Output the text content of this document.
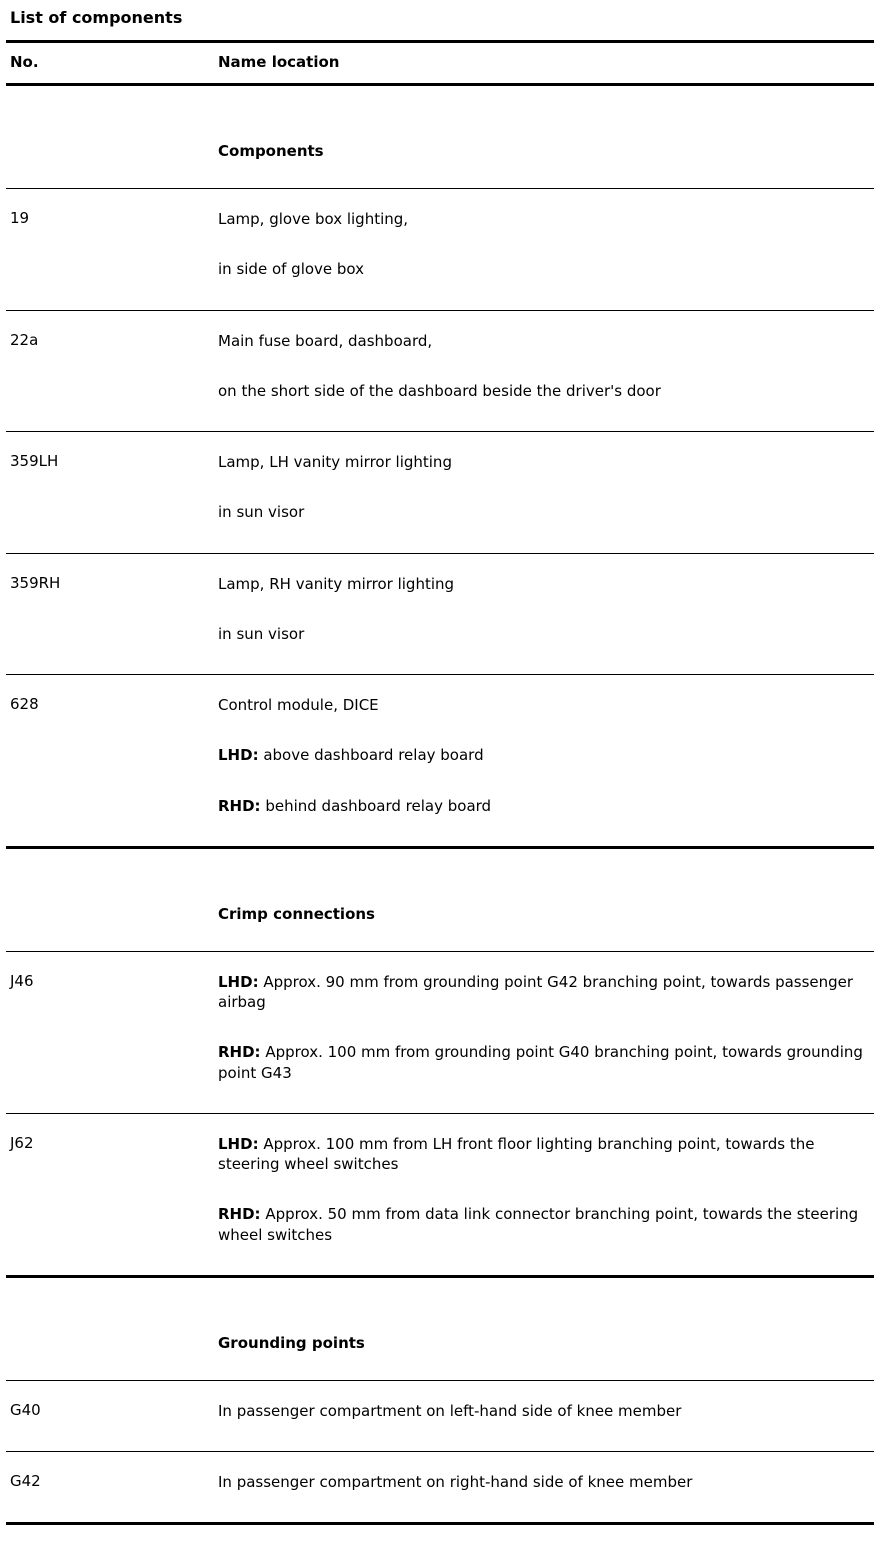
List of components
No.	Name location
Components
19	Lamp, glove box lighting,

in side of glove box

22a	Main fuse board, dashboard,

on the short side of the dashboard beside the driver's door

359LH	Lamp, LH vanity mirror lighting

in sun visor

359RH	Lamp, RH vanity mirror lighting

in sun visor

628	Control module, DICE

LHD: above dashboard relay board

RHD: behind dashboard relay board

Crimp connections
J46	LHD: Approx. 90 mm from grounding point G42 branching point, towards passenger airbag

RHD: Approx. 100 mm from grounding point G40 branching point, towards grounding point G43

J62	LHD: Approx. 100 mm from LH front floor lighting branching point, towards the steering wheel switches

RHD: Approx. 50 mm from data link connector branching point, towards the steering wheel switches

Grounding points
G40	In passenger compartment on left-hand side of knee member

G42	In passenger compartment on right-hand side of knee member
